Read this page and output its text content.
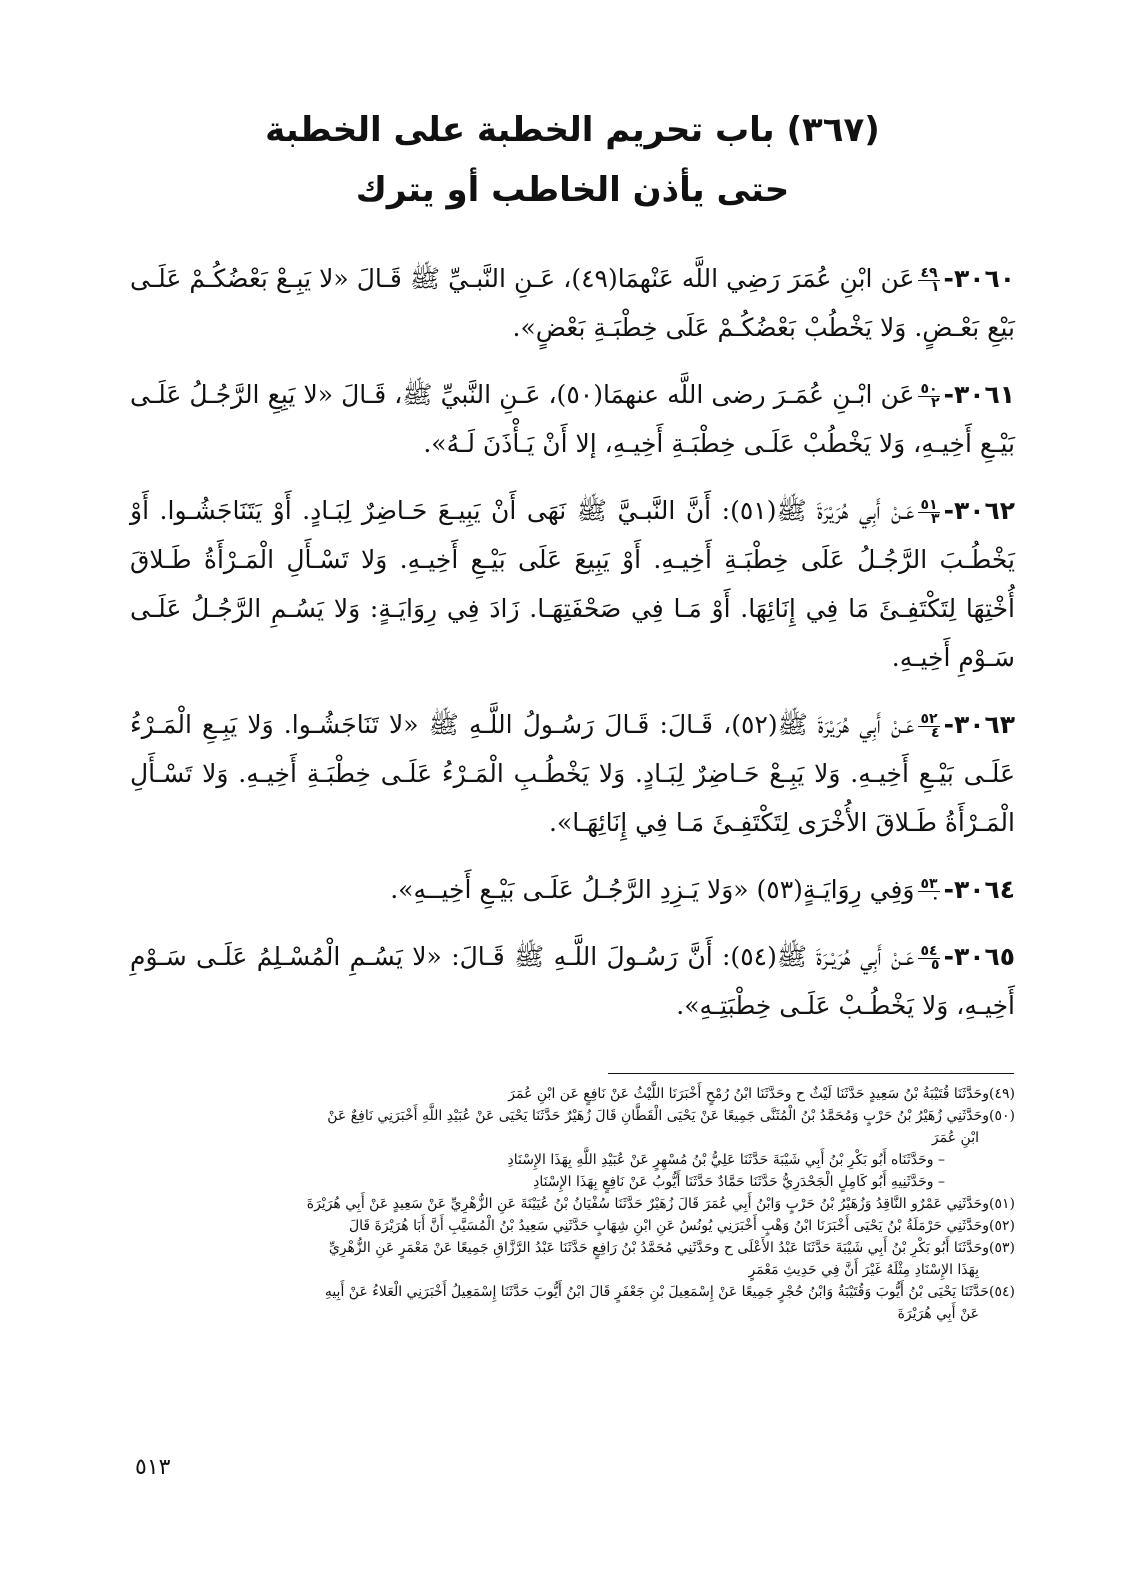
(٣٦٧) باب تحريم الخطبة على الخطبة
حتى يأذن الخاطب أو يترك

٣٠٦٠-
$\frac{٤٩}{١}$
عَن ابْنِ عُمَرَ رَضِي اللَّه عَنْهمَا(٤٩)، عَـنِ النَّبـيِّ ﷺ قَـالَ «لا يَبِـعْ بَعْضُكُـمْ عَلَـى بَيْعِ بَعْـضٍ. وَلا يَخْطُبْ بَعْضُكُـمْ عَلَى خِطْبَـةِ بَعْضٍ».

٣٠٦١-
$\frac{٥٠}{٢}$
عَن ابْـنِ عُمَـرَ رضى اللَّه عنهمَا(٥٠)، عَـنِ النَّبيِّ ﷺ، قَـالَ «لا يَبِعِ الرَّجُـلُ عَلَـى بَيْـعِ أَخِيـهِ، وَلا يَخْطُبْ عَلَـى خِطْبَـةِ أَخِيـهِ، إلا أَنْ يَـأْذَنَ لَـهُ».

٣٠٦٢-
$\frac{٥١}{٣}$
عَـنْ أَبِي هُرَيْرَةَ ﷺ(٥١): أَنَّ النَّبـيَّ ﷺ نَهَى أَنْ يَبِيـعَ حَـاضِرٌ لِبَـادٍ. أَوْ يَتَنَاجَشُـوا. أَوْ يَخْطُـبَ الرَّجُـلُ عَلَى خِطْبَـةِ أَخِيـهِ. أَوْ يَبِيعَ عَلَى بَيْـعِ أَخِيـهِ. وَلا تَسْـأَلِ الْمَـرْأَةُ طَـلاقَ أُخْتِهَا لِتَكْتَفِـئَ مَا فِي إِنَائِهَا. أَوْ مَـا فِي صَحْفَتِهَـا. زَادَ فِي رِوَايَـةٍ: وَلا يَسُـمِ الرَّجُـلُ عَلَـى سَـوْمِ أَخِيـهِ.

٣٠٦٣-
$\frac{٥٢}{٤}$
عَـنْ أَبِي هُرَيْرَةَ ﷺ(٥٢)، قَـالَ: قَـالَ رَسُـولُ اللَّـهِ ﷺ «لا تَنَاجَشُـوا. وَلا يَبِـعِ الْمَـرْءُ عَلَـى بَيْـعِ أَخِيـهِ. وَلا يَبِـعْ حَـاضِرٌ لِبَـادٍ. وَلا يَخْطُـبِ الْمَـرْءُ عَلَـى خِطْبَـةِ أَخِيـهِ. وَلا تَسْـأَلِ الْمَـرْأَةُ طَـلاقَ الأُخْرَى لِتَكْتَفِـئَ مَـا فِي إِنَائِهَـا».

٣٠٦٤-
$\frac{٥٣}{٠}$
وَفِي رِوَايَـةٍ(٥٣) «وَلا يَـزِدِ الرَّجُـلُ عَلَـى بَيْـعِ أَخِيــهِ».

٣٠٦٥-
$\frac{٥٤}{٥}$
عَـنْ أَبِي هُرَيْـرَةَ ﷺ(٥٤): أَنَّ رَسُـولَ اللَّـهِ ﷺ قَـالَ: «لا يَسُـمِ الْمُسْـلِمُ عَلَـى سَـوْمِ أَخِيـهِ، وَلا يَخْطُـبْ عَلَـى خِطْبَتِـهِ».

(٤٩)وحَدَّثَنَا قُتَيْبَةُ بْنُ سَعِيدٍ حَدَّثَنَا لَيْثٌ ح وحَدَّثَنَا ابْنُ رُمْحٍ أَخْبَرَنَا اللَّيْثُ عَنْ نَافِعٍ عَن ابْنِ عُمَرَ

(٥٠)وحَدَّثَنِي زُهَيْرُ بْنُ حَرْبٍ وَمُحَمَّدُ بْنُ الْمُثَنَّى جَمِيعًا عَنْ يَحْيَى الْقَطَّانِ قَالَ زُهَيْرٌ حَدَّثَنَا يَحْيَى عَنْ عُبَيْدِ اللَّهِ أَخْبَرَنِي نَافِعٌ عَنْ

ابْنِ عُمَرَ

– وحَدَّثَنَاه أَبُو بَكْرِ بْنُ أَبِي شَيْبَةَ حَدَّثَنَا عَلِيُّ بْنُ مُسْهِرٍ عَنْ عُبَيْدِ اللَّهِ بِهَذَا الإِسْنَادِ

– وحَدَّثَنِيهِ أَبُو كَامِلٍ الْجَحْدَرِيُّ حَدَّثَنَا حَمَّادٌ حَدَّثَنَا أَيُّوبُ عَنْ نَافِعٍ بِهَذَا الإِسْنَادِ

(٥١)وحَدَّثَنِي عَمْرٌو النَّاقِدُ وَزُهَيْرُ بْنُ حَرْبٍ وَابْنُ أَبِي عُمَرَ قَالَ زُهَيْرٌ حَدَّثَنَا سُفْيَانُ بْنُ عُيَيْنَةَ عَنِ الزُّهْرِيِّ عَنْ سَعِيدٍ عَنْ أَبِي هُرَيْرَةَ

(٥٢)وحَدَّثَنِي حَرْمَلَةُ بْنُ يَحْيَى أَخْبَرَنَا ابْنُ وَهْبٍ أَخْبَرَنِي يُونُسُ عَنِ ابْنِ شِهَابٍ حَدَّثَنِي سَعِيدُ بْنُ الْمُسَيَّبِ أَنَّ أَبَا هُرَيْرَةَ قَالَ

(٥٣)وحَدَّثَنَا أَبُو بَكْرِ بْنُ أَبِي شَيْبَةَ حَدَّثَنَا عَبْدُ الأَعْلَى ح وحَدَّثَنِي مُحَمَّدُ بْنُ رَافِعٍ حَدَّثَنَا عَبْدُ الرَّزَّاقِ جَمِيعًا عَنْ مَعْمَرٍ عَنِ الزُّهْرِيِّ

بِهَذَا الإِسْنَادِ مِثْلَهُ غَيْرَ أَنَّ فِي حَدِيثِ مَعْمَرٍ

(٥٤)حَدَّثَنَا يَحْيَى بْنُ أَيُّوبَ وَقُتَيْبَةُ وَابْنُ حُجْرٍ جَمِيعًا عَنْ إِسْمَعِيلَ بْنِ جَعْفَرٍ قَالَ ابْنُ أَيُّوبَ حَدَّثَنَا إِسْمَعِيلُ أَخْبَرَنِي الْعَلاءُ عَنْ أَبِيهِ

عَنْ أَبِي هُرَيْرَةَ

٥١٣
